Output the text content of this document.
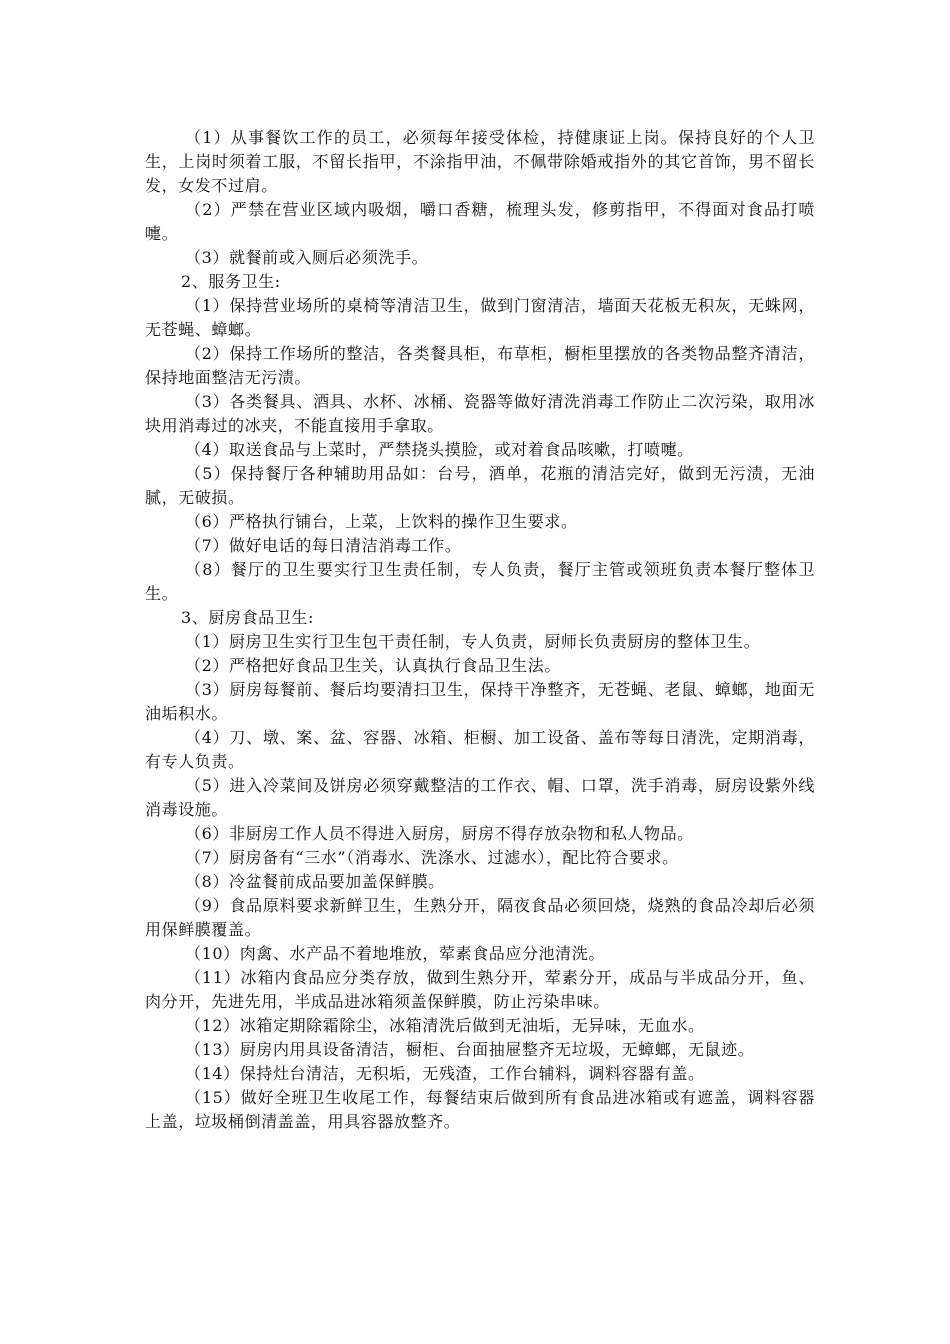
（1）从事餐饮工作的员工，必须每年接受体检，持健康证上岗。保持良好的个人卫生，上岗时须着工服，不留长指甲，不涂指甲油，不佩带除婚戒指外的其它首饰，男不留长发，女发不过肩。

（2）严禁在营业区域内吸烟，嚼口香糖，梳理头发，修剪指甲，不得面对食品打喷嚏。

（3）就餐前或入厕后必须洗手。

2、服务卫生:

（1）保持营业场所的桌椅等清洁卫生，做到门窗清洁，墙面天花板无积灰，无蛛网，无苍蝇、蟑螂。

（2）保持工作场所的整洁，各类餐具柜，布草柜，橱柜里摆放的各类物品整齐清洁，保持地面整洁无污渍。

（3）各类餐具、酒具、水杯、冰桶、瓷器等做好清洗消毒工作防止二次污染，取用冰块用消毒过的冰夹，不能直接用手拿取。

（4）取送食品与上菜时，严禁挠头摸脸，或对着食品咳嗽，打喷嚏。

（5）保持餐厅各种辅助用品如：台号，酒单，花瓶的清洁完好，做到无污渍，无油腻，无破损。

（6）严格执行铺台，上菜，上饮料的操作卫生要求。

（7）做好电话的每日清洁消毒工作。

（8）餐厅的卫生要实行卫生责任制，专人负责，餐厅主管或领班负责本餐厅整体卫生。

3、厨房食品卫生:

（1）厨房卫生实行卫生包干责任制，专人负责，厨师长负责厨房的整体卫生。

（2）严格把好食品卫生关，认真执行食品卫生法。

（3）厨房每餐前、餐后均要清扫卫生，保持干净整齐，无苍蝇、老鼠、蟑螂，地面无油垢积水。

（4）刀、墩、案、盆、容器、冰箱、柜橱、加工设备、盖布等每日清洗，定期消毒，有专人负责。

（5）进入冷菜间及饼房必须穿戴整洁的工作衣、帽、口罩，洗手消毒，厨房设紫外线消毒设施。

（6）非厨房工作人员不得进入厨房，厨房不得存放杂物和私人物品。

（7）厨房备有“三水”（消毒水、洗涤水、过滤水），配比符合要求。

（8）冷盆餐前成品要加盖保鲜膜。

（9）食品原料要求新鲜卫生，生熟分开，隔夜食品必须回烧，烧熟的食品冷却后必须用保鲜膜覆盖。

（10）肉禽、水产品不着地堆放，荤素食品应分池清洗。

（11）冰箱内食品应分类存放，做到生熟分开，荤素分开，成品与半成品分开，鱼、肉分开，先进先用，半成品进冰箱须盖保鲜膜，防止污染串味。

（12）冰箱定期除霜除尘，冰箱清洗后做到无油垢，无异味，无血水。

（13）厨房内用具设备清洁，橱柜、台面抽屉整齐无垃圾，无蟑螂，无鼠迹。

（14）保持灶台清洁，无积垢，无残渣，工作台辅料，调料容器有盖。

（15）做好全班卫生收尾工作，每餐结束后做到所有食品进冰箱或有遮盖，调料容器上盖，垃圾桶倒清盖盖，用具容器放整齐。
